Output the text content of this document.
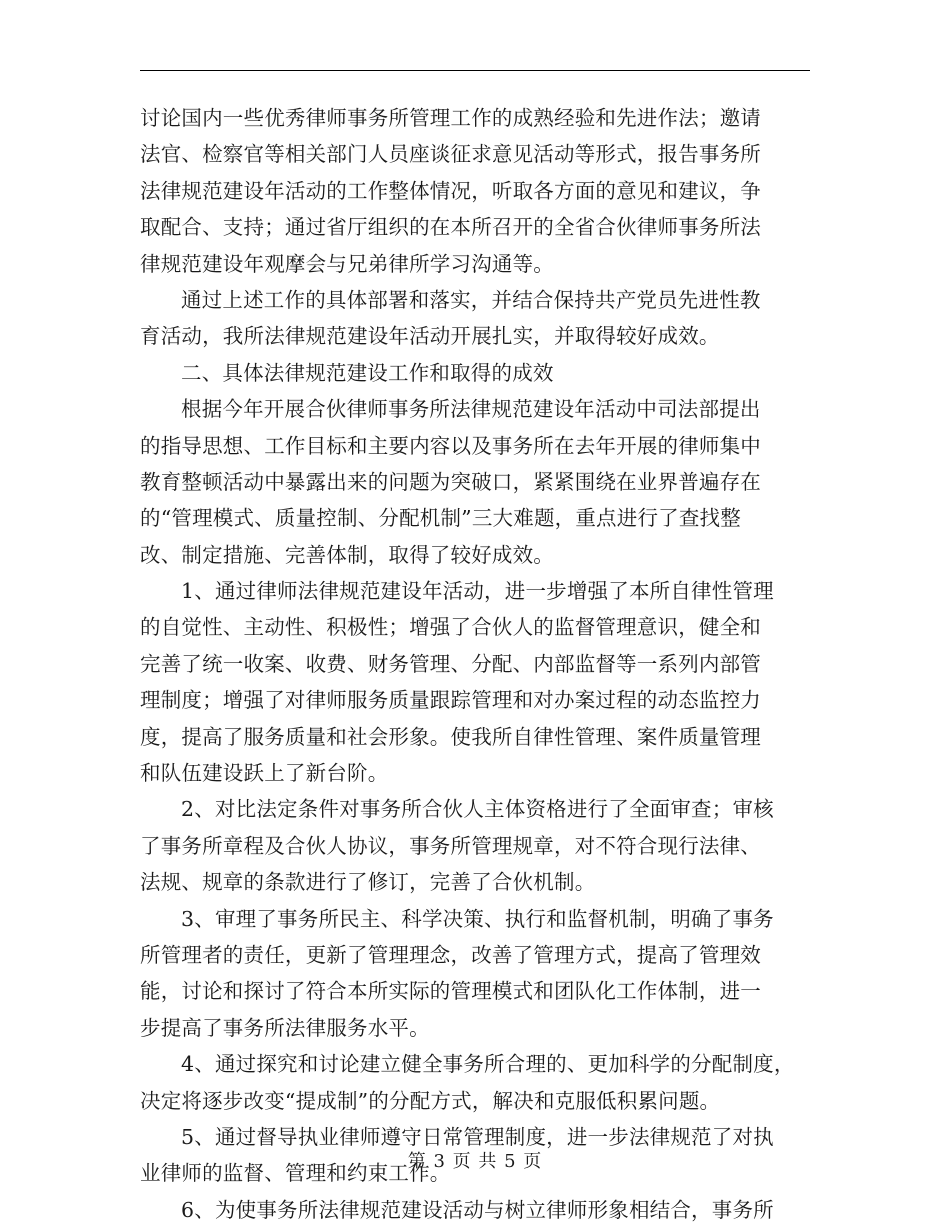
讨论国内一些优秀律师事务所管理工作的成熟经验和先进作法；邀请
法官、检察官等相关部门人员座谈征求意见活动等形式，报告事务所
法律规范建设年活动的工作整体情况，听取各方面的意见和建议，争
取配合、支持；通过省厅组织的在本所召开的全省合伙律师事务所法
律规范建设年观摩会与兄弟律所学习沟通等。
通过上述工作的具体部署和落实，并结合保持共产党员先进性教
育活动，我所法律规范建设年活动开展扎实，并取得较好成效。
二、具体法律规范建设工作和取得的成效
根据今年开展合伙律师事务所法律规范建设年活动中司法部提出
的指导思想、工作目标和主要内容以及事务所在去年开展的律师集中
教育整顿活动中暴露出来的问题为突破口，紧紧围绕在业界普遍存在
的“管理模式、质量控制、分配机制”三大难题，重点进行了查找整
改、制定措施、完善体制，取得了较好成效。
1、通过律师法律规范建设年活动，进一步增强了本所自律性管理
的自觉性、主动性、积极性；增强了合伙人的监督管理意识，健全和
完善了统一收案、收费、财务管理、分配、内部监督等一系列内部管
理制度；增强了对律师服务质量跟踪管理和对办案过程的动态监控力
度，提高了服务质量和社会形象。使我所自律性管理、案件质量管理
和队伍建设跃上了新台阶。
2、对比法定条件对事务所合伙人主体资格进行了全面审查；审核
了事务所章程及合伙人协议，事务所管理规章，对不符合现行法律、
法规、规章的条款进行了修订，完善了合伙机制。
3、审理了事务所民主、科学决策、执行和监督机制，明确了事务
所管理者的责任，更新了管理理念，改善了管理方式，提高了管理效
能，讨论和探讨了符合本所实际的管理模式和团队化工作体制，进一
步提高了事务所法律服务水平。
4、通过探究和讨论建立健全事务所合理的、更加科学的分配制度，
决定将逐步改变“提成制”的分配方式，解决和克服低积累问题。
5、通过督导执业律师遵守日常管理制度，进一步法律规范了对执
业律师的监督、管理和约束工作。
6、为使事务所法律规范建设活动与树立律师形象相结合，事务所
第 3 页 共 5 页
